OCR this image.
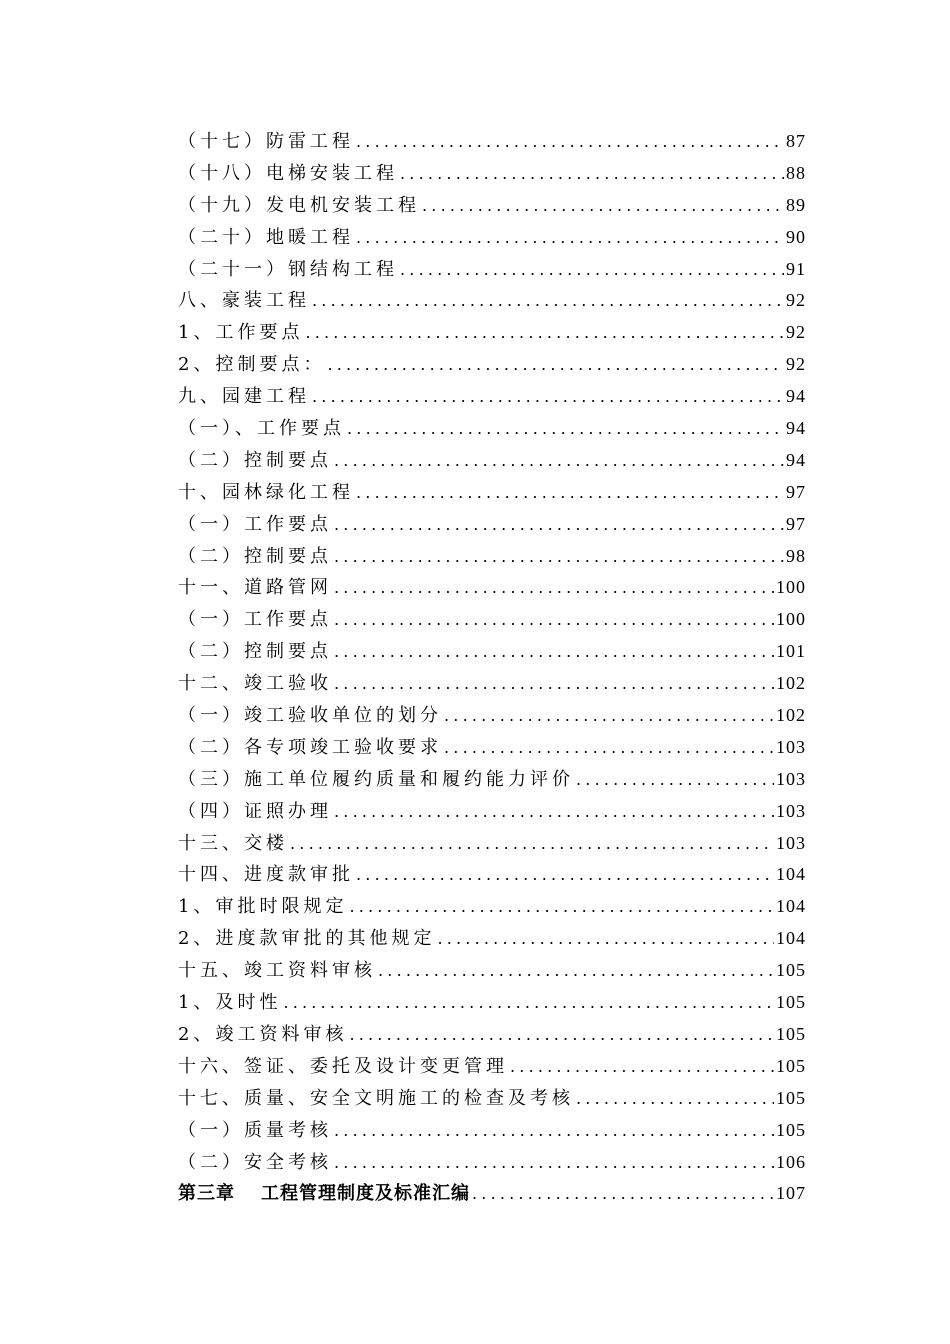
（十七）防雷工程 .....	87
（十八）电梯安装工程 .....	88
（十九）发电机安装工程 .....	89
（二十）地暖工程 .....	90
（二十一）钢结构工程 .....	91
八、豪装工程 .....	92
1、工作要点 .....	92
2、控制要点： .....	92
九、园建工程 .....	94
（一）、工作要点 .....	94
（二）控制要点 .....	94
十、园林绿化工程 .....	97
（一）工作要点 .....	97
（二）控制要点 .....	98
十一、道路管网 .....	100
（一）工作要点 .....	100
（二）控制要点 .....	101
十二、竣工验收 .....	102
（一）竣工验收单位的划分 .....	102
（二）各专项竣工验收要求 .....	103
（三）施工单位履约质量和履约能力评价 .....	103
（四）证照办理 .....	103
十三、交楼 .....	103
十四、进度款审批 .....	104
1、审批时限规定 .....	104
2、进度款审批的其他规定 .....	104
十五、竣工资料审核 .....	105
1、及时性 .....	105
2、竣工资料审核 .....	105
十六、签证、委托及设计变更管理 .....	105
十七、质量、安全文明施工的检查及考核 .....	105
（一）质量考核 .....	105
（二）安全考核 .....	106
第三章 工程管理制度及标准汇编 .....	107
